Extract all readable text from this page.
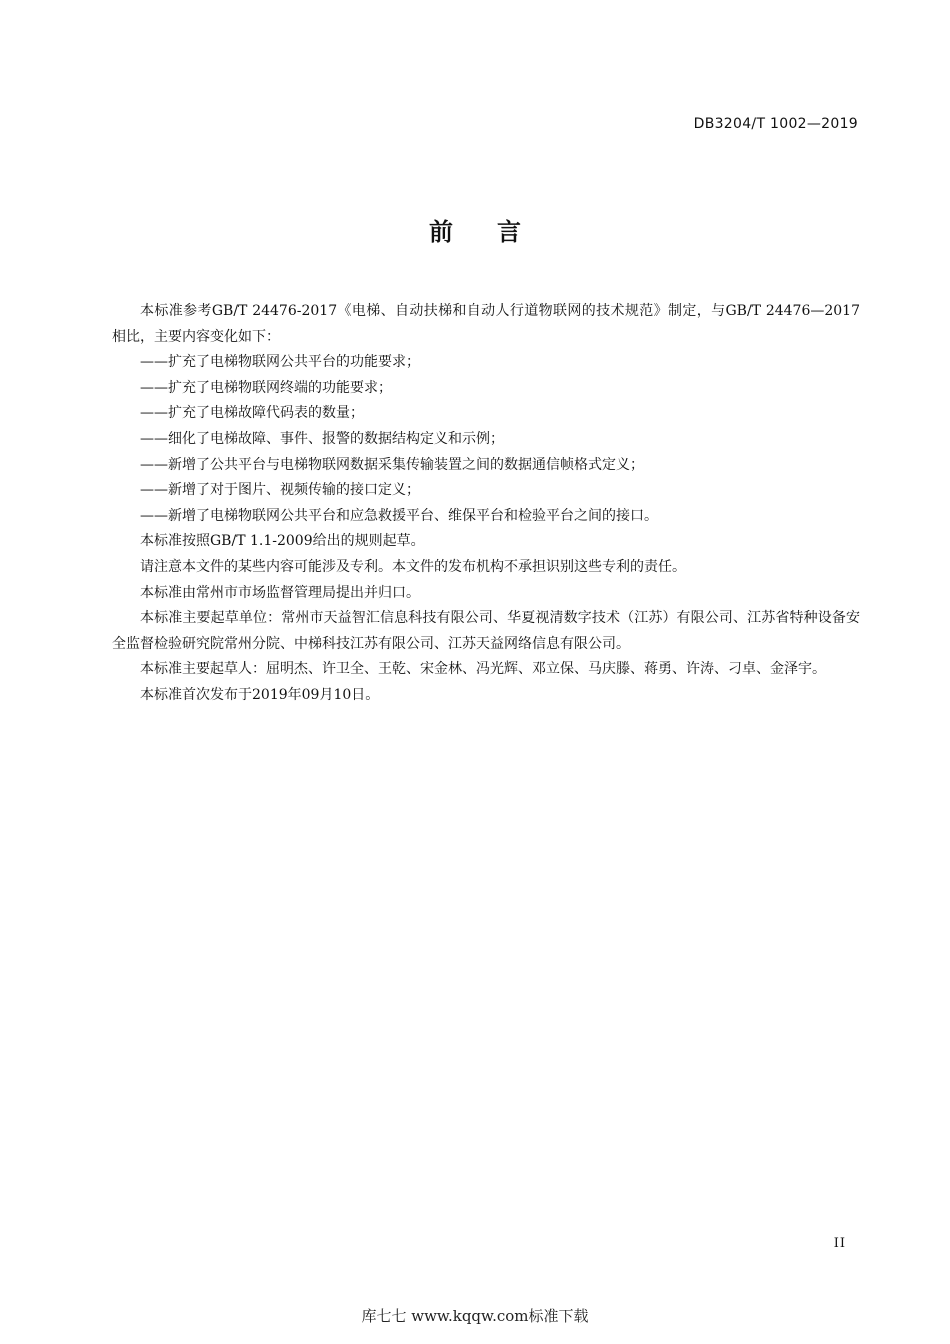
DB3204/T 1002—2019
前言

本标准参考GB/T 24476-2017《电梯、自动扶梯和自动人行道物联网的技术规范》制定，与GB/T 24476—2017相比，主要内容变化如下：

——扩充了电梯物联网公共平台的功能要求；

——扩充了电梯物联网终端的功能要求；

——扩充了电梯故障代码表的数量；

——细化了电梯故障、事件、报警的数据结构定义和示例；

——新增了公共平台与电梯物联网数据采集传输装置之间的数据通信帧格式定义；

——新增了对于图片、视频传输的接口定义；

——新增了电梯物联网公共平台和应急救援平台、维保平台和检验平台之间的接口。

本标准按照GB/T 1.1-2009给出的规则起草。

请注意本文件的某些内容可能涉及专利。本文件的发布机构不承担识别这些专利的责任。

本标准由常州市市场监督管理局提出并归口。

本标准主要起草单位：常州市天益智汇信息科技有限公司、华夏视清数字技术（江苏）有限公司、江苏省特种设备安全监督检验研究院常州分院、中梯科技江苏有限公司、江苏天益网络信息有限公司。

本标准主要起草人：屈明杰、许卫全、王乾、宋金林、冯光辉、邓立保、马庆滕、蒋勇、许涛、刁卓、金泽宇。

本标准首次发布于2019年09月10日。

II
库七七 www.kqqw.com标准下载
